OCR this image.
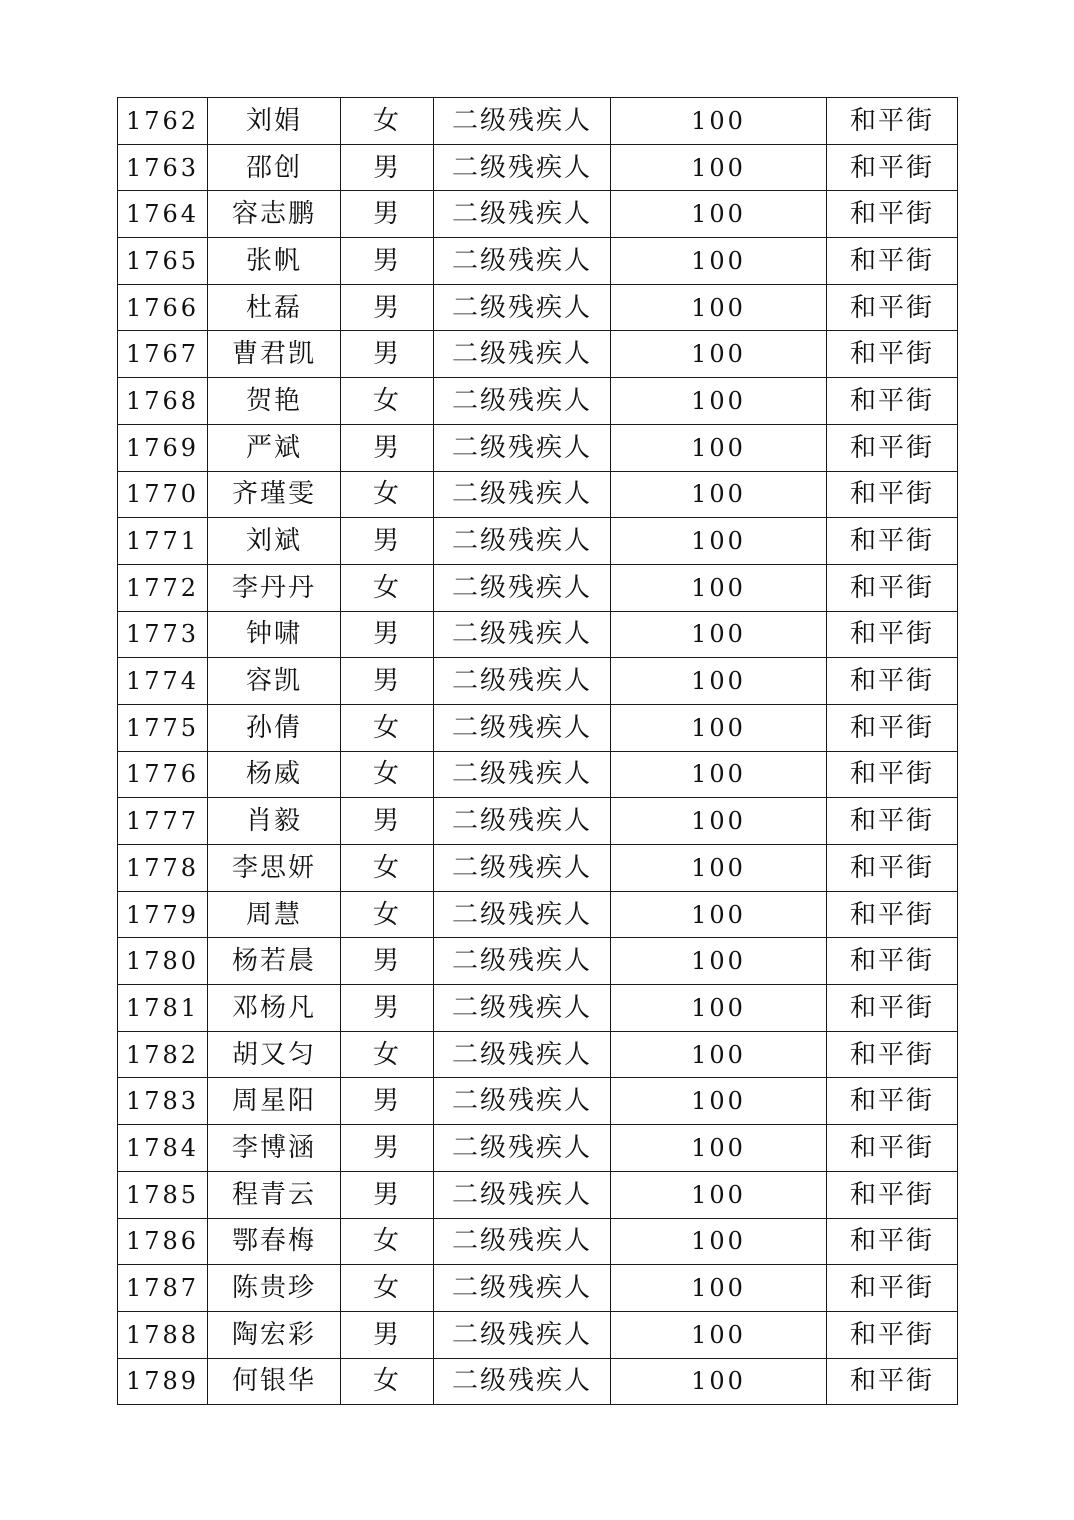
1762	刘娟	女	二级残疾人	100	和平街
1763	邵创	男	二级残疾人	100	和平街
1764	容志鹏	男	二级残疾人	100	和平街
1765	张帆	男	二级残疾人	100	和平街
1766	杜磊	男	二级残疾人	100	和平街
1767	曹君凯	男	二级残疾人	100	和平街
1768	贺艳	女	二级残疾人	100	和平街
1769	严斌	男	二级残疾人	100	和平街
1770	齐瑾雯	女	二级残疾人	100	和平街
1771	刘斌	男	二级残疾人	100	和平街
1772	李丹丹	女	二级残疾人	100	和平街
1773	钟啸	男	二级残疾人	100	和平街
1774	容凯	男	二级残疾人	100	和平街
1775	孙倩	女	二级残疾人	100	和平街
1776	杨威	女	二级残疾人	100	和平街
1777	肖毅	男	二级残疾人	100	和平街
1778	李思妍	女	二级残疾人	100	和平街
1779	周慧	女	二级残疾人	100	和平街
1780	杨若晨	男	二级残疾人	100	和平街
1781	邓杨凡	男	二级残疾人	100	和平街
1782	胡又匀	女	二级残疾人	100	和平街
1783	周星阳	男	二级残疾人	100	和平街
1784	李博涵	男	二级残疾人	100	和平街
1785	程青云	男	二级残疾人	100	和平街
1786	鄂春梅	女	二级残疾人	100	和平街
1787	陈贵珍	女	二级残疾人	100	和平街
1788	陶宏彩	男	二级残疾人	100	和平街
1789	何银华	女	二级残疾人	100	和平街
